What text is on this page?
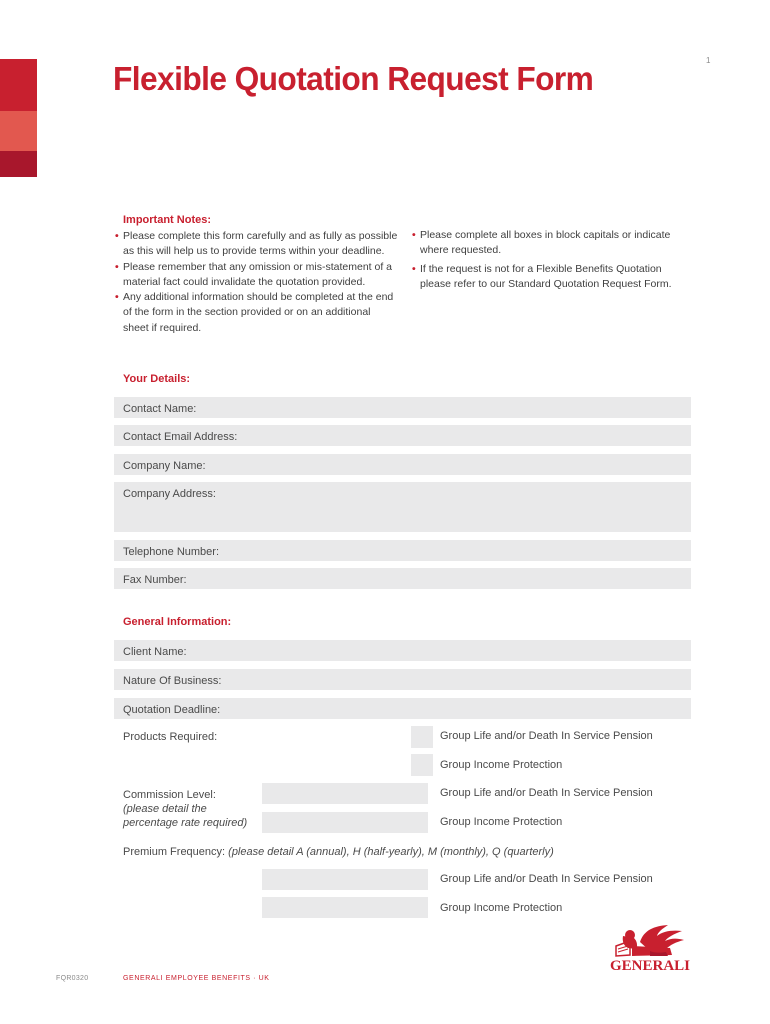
1
Flexible Quotation Request Form
Important Notes:
• Please complete this form carefully and as fully as possible as this will help us to provide terms within your deadline.
• Please remember that any omission or mis-statement of a material fact could invalidate the quotation provided.
• Any additional information should be completed at the end of the form in the section provided or on an additional sheet if required.
• Please complete all boxes in block capitals or indicate where requested.
• If the request is not for a Flexible Benefits Quotation please refer to our Standard Quotation Request Form.
Your Details:
Contact Name:
Contact Email Address:
Company Name:
Company Address:
Telephone Number:
Fax Number:
General Information:
Client Name:
Nature Of Business:
Quotation Deadline:
Products Required:	Group Life and/or Death In Service Pension
Group Income Protection
Commission Level:
(please detail the
percentage rate required)
Group Life and/or Death In Service Pension
Group Income Protection
Premium Frequency: (please detail A (annual), H (half-yearly), M (monthly), Q (quarterly)
Group Life and/or Death In Service Pension
Group Income Protection
FQR0320	GENERALI EMPLOYEE BENEFITS · UK
GENERALI
